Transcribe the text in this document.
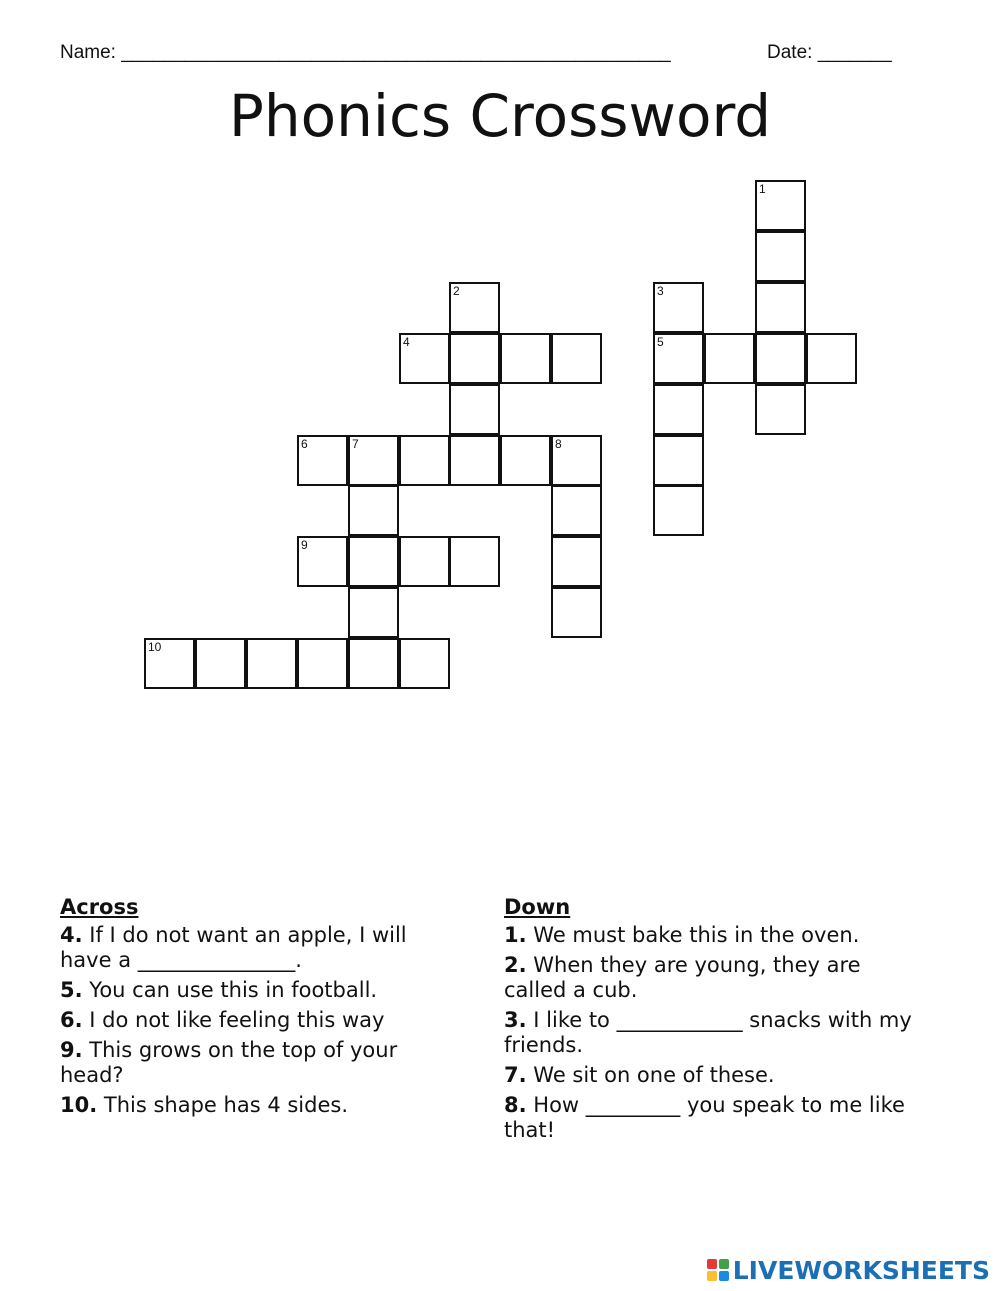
Name: ____________________________________________________	Date: _______
Phonics Crossword
1
2	3
5
4
6	7	8
9
10
Across
4. If I do not want an apple, I will have a _______________.
5. You can use this in football.
6. I do not like feeling this way
9. This grows on the top of your head?
10. This shape has 4 sides.
Down
1. We must bake this in the oven.
2. When they are young, they are called a cub.
3. I like to ____________ snacks with my friends.
7. We sit on one of these.
8. How _________ you speak to me like that!
LIVEWORKSHEETS
